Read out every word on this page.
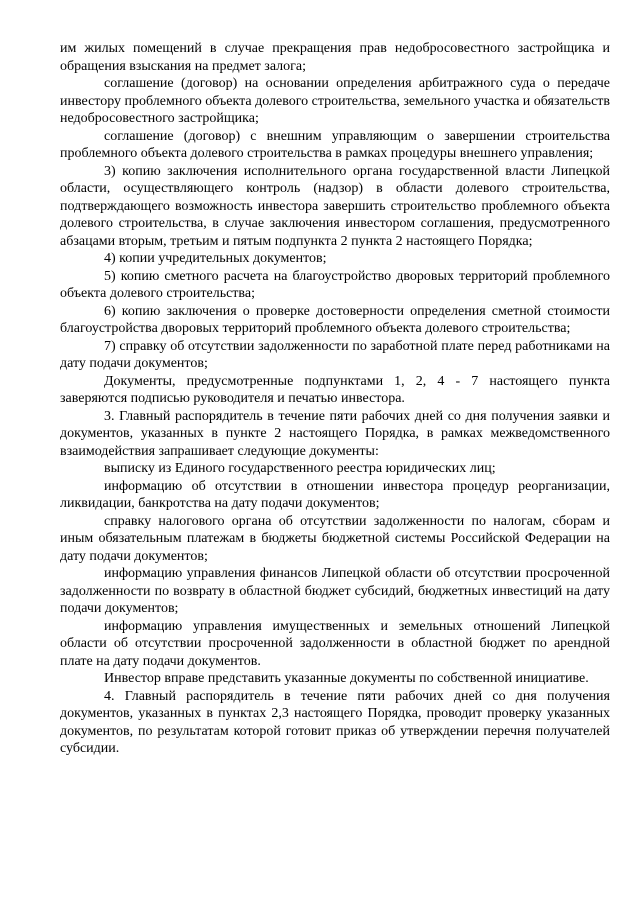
им жилых помещений в случае прекращения прав недобросовестного застройщика и обращения взыскания на предмет залога;

соглашение (договор) на основании определения арбитражного суда о передаче инвестору проблемного объекта долевого строительства, земельного участка и обязательств недобросовестного застройщика;

соглашение (договор) с внешним управляющим о завершении строительства проблемного объекта долевого строительства в рамках процедуры внешнего управления;

3) копию заключения исполнительного органа государственной власти Липецкой области, осуществляющего контроль (надзор) в области долевого строительства, подтверждающего возможность инвестора завершить строительство проблемного объекта долевого строительства, в случае заключения инвестором соглашения, предусмотренного абзацами вторым, третьим и пятым подпункта 2 пункта 2 настоящего Порядка;

4) копии учредительных документов;

5) копию сметного расчета на благоустройство дворовых территорий проблемного объекта долевого строительства;

6) копию заключения о проверке достоверности определения сметной стоимости благоустройства дворовых территорий проблемного объекта долевого строительства;

7) справку об отсутствии задолженности по заработной плате перед работниками на дату подачи документов;

Документы, предусмотренные подпунктами 1, 2, 4 - 7 настоящего пункта заверяются подписью руководителя и печатью инвестора.

3. Главный распорядитель в течение пяти рабочих дней со дня получения заявки и документов, указанных в пункте 2 настоящего Порядка, в рамках межведомственного взаимодействия запрашивает следующие документы:

выписку из Единого государственного реестра юридических лиц;

информацию об отсутствии в отношении инвестора процедур реорганизации, ликвидации, банкротства на дату подачи документов;

справку налогового органа об отсутствии задолженности по налогам, сборам и иным обязательным платежам в бюджеты бюджетной системы Российской Федерации на дату подачи документов;

информацию управления финансов Липецкой области об отсутствии просроченной задолженности по возврату в областной бюджет субсидий, бюджетных инвестиций на дату подачи документов;

информацию управления имущественных и земельных отношений Липецкой области об отсутствии просроченной задолженности в областной бюджет по арендной плате на дату подачи документов.

Инвестор вправе представить указанные документы по собственной инициативе.

4. Главный распорядитель в течение пяти рабочих дней со дня получения документов, указанных в пунктах 2,3 настоящего Порядка, проводит проверку указанных документов, по результатам которой готовит приказ об утверждении перечня получателей субсидии.
